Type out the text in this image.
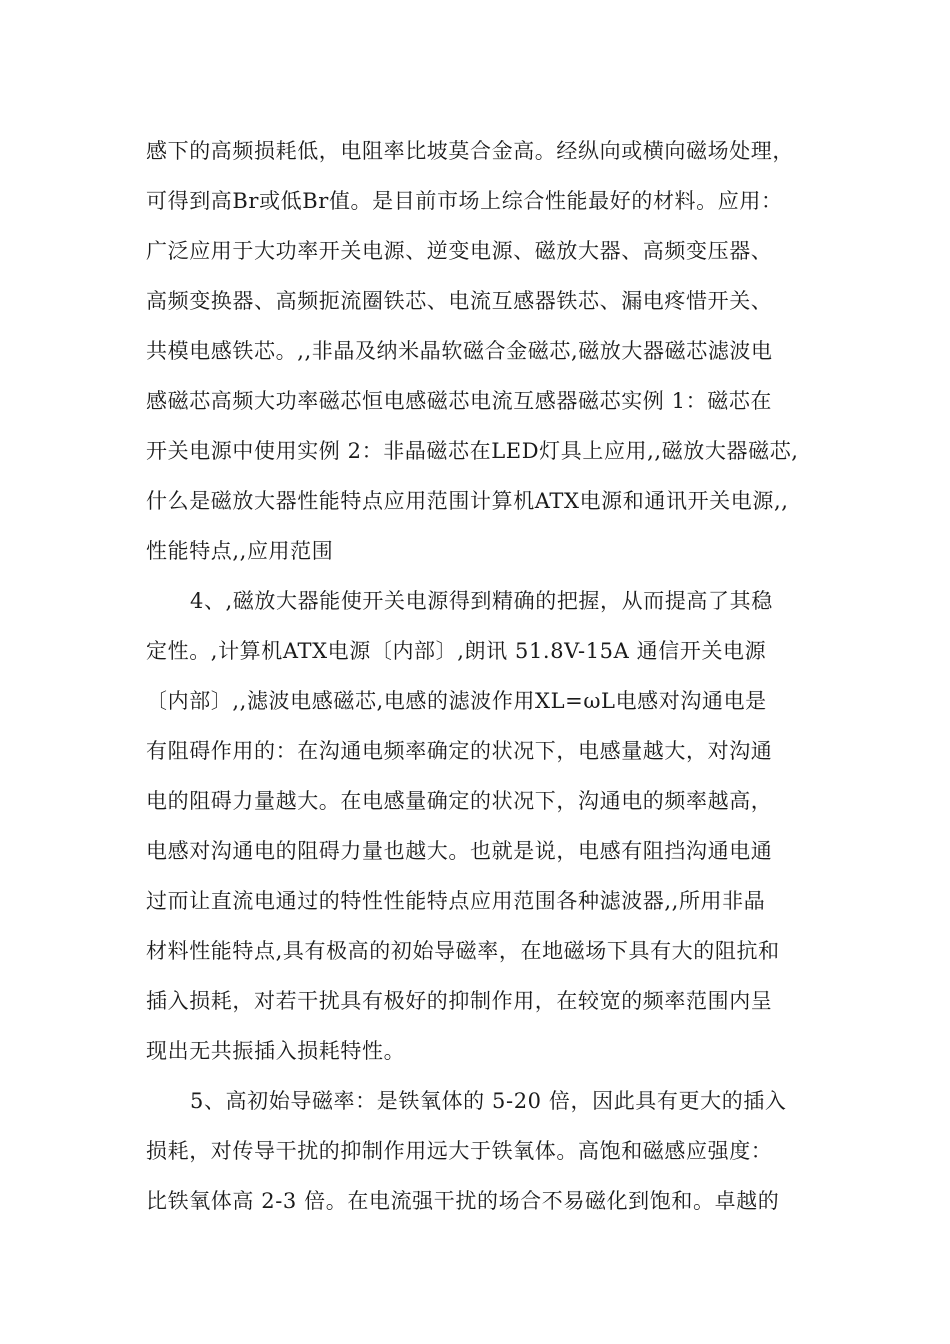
感下的高频损耗低，电阻率比坡莫合金高。经纵向或横向磁场处理，
可得到高Br或低Br值。是目前市场上综合性能最好的材料。应用：
广泛应用于大功率开关电源、逆变电源、磁放大器、高频变压器、
高频变换器、高频扼流圈铁芯、电流互感器铁芯、漏电疼惜开关、
共模电感铁芯。,,非晶及纳米晶软磁合金磁芯,磁放大器磁芯滤波电
感磁芯高频大功率磁芯恒电感磁芯电流互感器磁芯实例 1：磁芯在
开关电源中使用实例 2：非晶磁芯在LED灯具上应用,,磁放大器磁芯,
什么是磁放大器性能特点应用范围计算机ATX电源和通讯开关电源,,
性能特点,,应用范围
4、,磁放大器能使开关电源得到精确的把握，从而提高了其稳
定性。,计算机ATX电源〔内部〕,朗讯 51.8V-15A 通信开关电源
〔内部〕,,滤波电感磁芯,电感的滤波作用XL=ωL电感对沟通电是
有阻碍作用的：在沟通电频率确定的状况下，电感量越大，对沟通
电的阻碍力量越大。在电感量确定的状况下，沟通电的频率越高，
电感对沟通电的阻碍力量也越大。也就是说，电感有阻挡沟通电通
过而让直流电通过的特性性能特点应用范围各种滤波器,,所用非晶
材料性能特点,具有极高的初始导磁率，在地磁场下具有大的阻抗和
插入损耗，对若干扰具有极好的抑制作用，在较宽的频率范围内呈
现出无共振插入损耗特性。
5、高初始导磁率：是铁氧体的 5-20 倍，因此具有更大的插入
损耗，对传导干扰的抑制作用远大于铁氧体。高饱和磁感应强度：
比铁氧体高 2-3 倍。在电流强干扰的场合不易磁化到饱和。卓越的
